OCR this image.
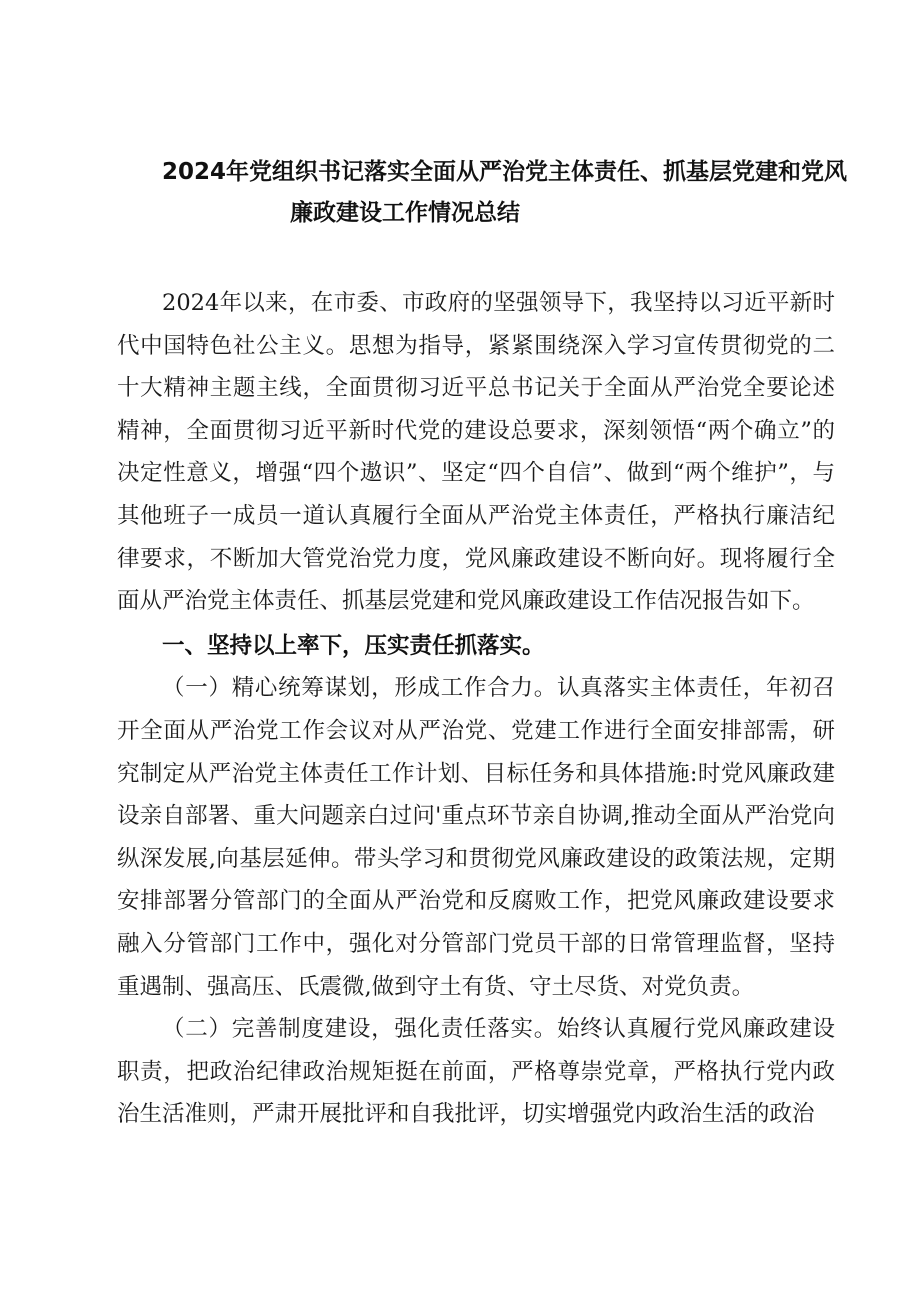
2024年党组织书记落实全面从严治党主体责任、抓基层党建和党风
廉政建设工作情况总结

2024年以来，在市委、市政府的坚强领导下，我坚持以习近平新时代中国特色社公主义。思想为指导，紧紧围绕深入学习宣传贯彻党的二十大精神主题主线，全面贯彻习近平总书记关于全面从严治党全要论述精神，全面贯彻习近平新时代党的建设总要求，深刻领悟“两个确立”的决定性意义，增强“四个遨识”、坚定“四个自信”、做到“两个维护”，与其他班子一成员一道认真履行全面从严治党主体责任，严格执行廉洁纪律要求，不断加大管党治党力度，党风廉政建设不断向好。现将履行全面从严治党主体责任、抓基层党建和党风廉政建设工作佶况报告如下。

一、坚持以上率下，压实责任抓落实。

（一）精心统筹谋划，形成工作合力。认真落实主体责任，年初召开全面从严治党工作会议对从严治党、党建工作进行全面安排部需，研究制定从严治党主体责任工作计划、目标任务和具体措施:时党风廉政建设亲自部署、重大问题亲白过问'重点环节亲自协调,推动全面从严治党向纵深发展,向基层延伸。带头学习和贯彻党风廉政建设的政策法规，定期安排部署分管部门的全面从严治党和反腐败工作，把党风廉政建设要求融入分管部门工作中，强化对分管部门党员干部的日常管理监督，坚持重遇制、强高压、氏震微,做到守土有货、守土尽货、对党负责。

（二）完善制度建设，强化责任落实。始终认真履行党风廉政建设职责，把政治纪律政治规矩挺在前面，严格尊崇党章，严格执行党内政治生活准则，严肃开展批评和自我批评，切实增强党内政治生活的政治
